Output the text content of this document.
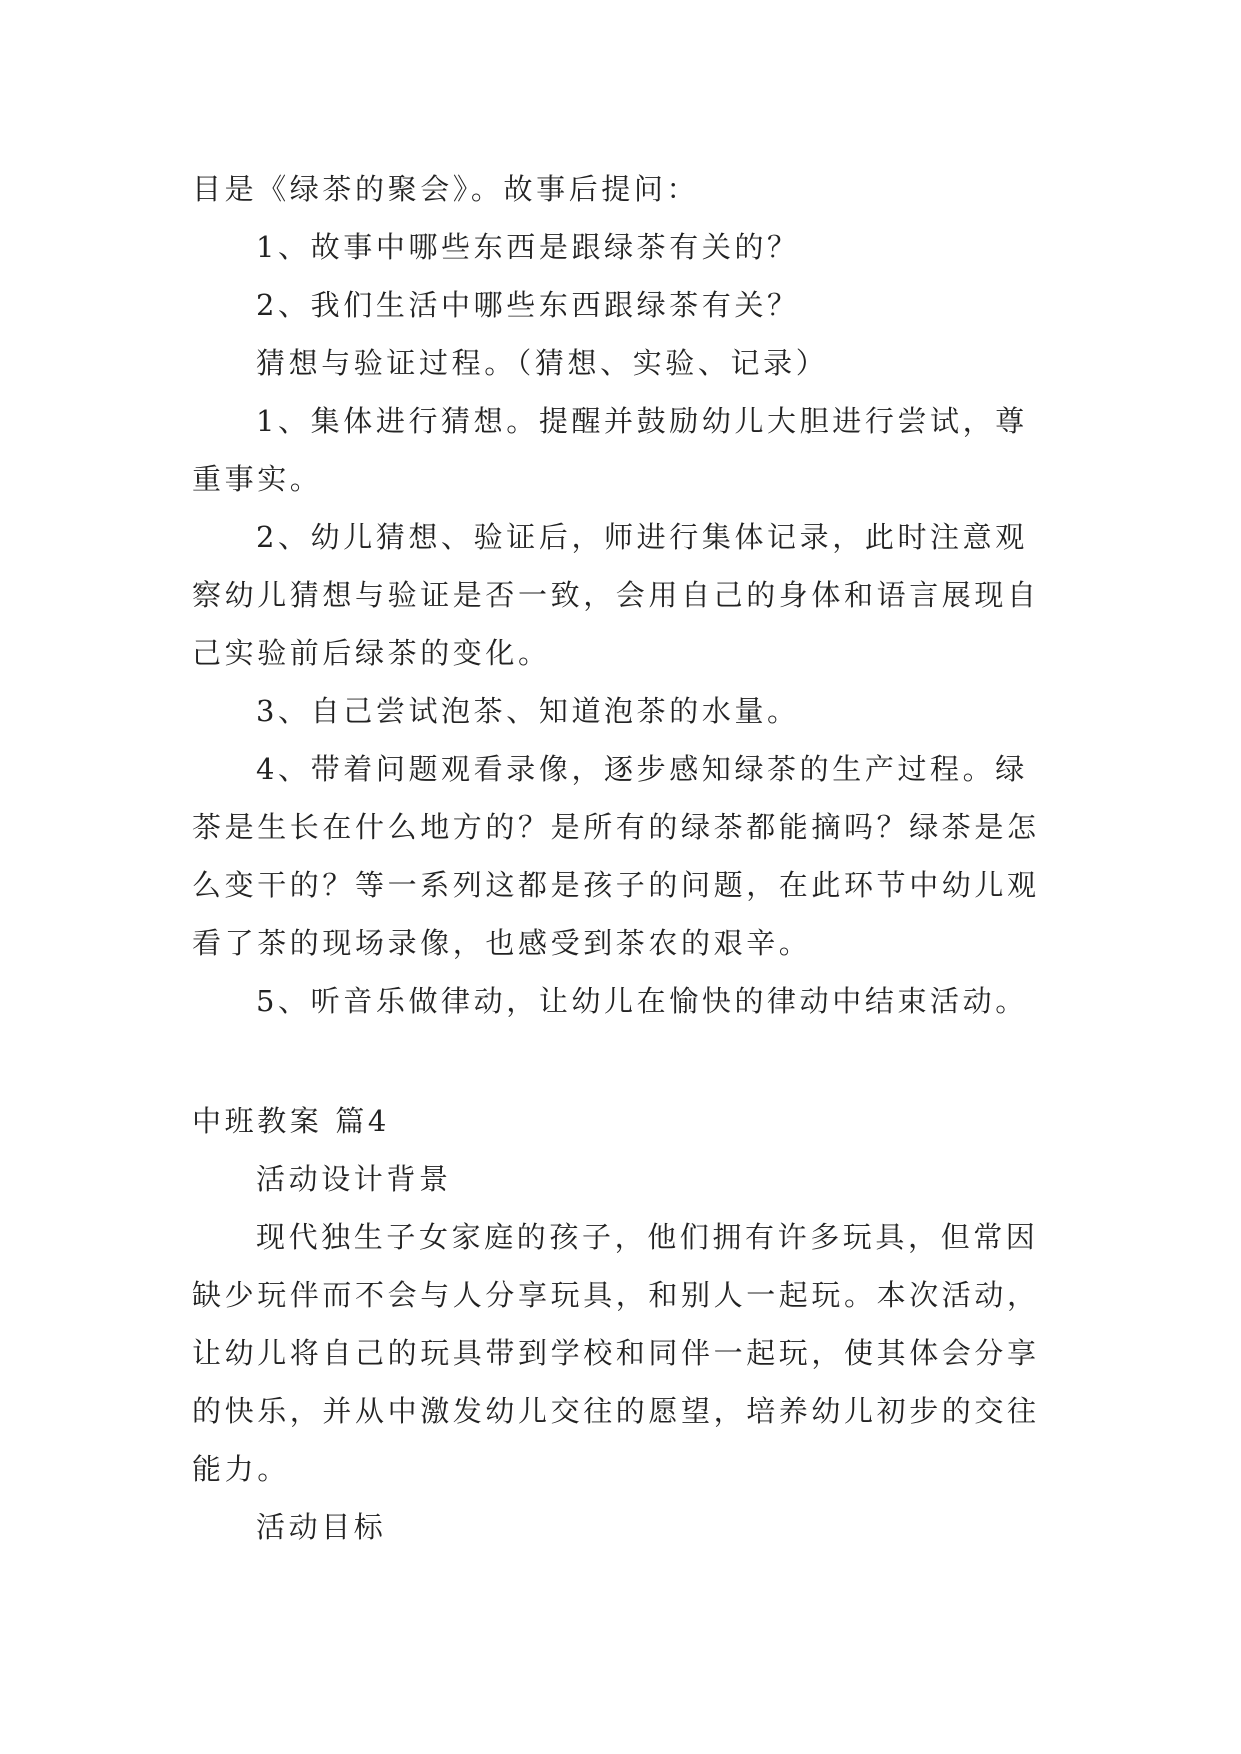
目是《绿茶的聚会》。故事后提问：

1、故事中哪些东西是跟绿茶有关的？

2、我们生活中哪些东西跟绿茶有关？

猜想与验证过程。（猜想、实验、记录）

1、集体进行猜想。提醒并鼓励幼儿大胆进行尝试，尊重事实。

2、幼儿猜想、验证后，师进行集体记录，此时注意观察幼儿猜想与验证是否一致，会用自己的身体和语言展现自己实验前后绿茶的变化。

3、自己尝试泡茶、知道泡茶的水量。

4、带着问题观看录像，逐步感知绿茶的生产过程。绿茶是生长在什么地方的？是所有的绿茶都能摘吗？绿茶是怎么变干的？等一系列这都是孩子的问题，在此环节中幼儿观看了茶的现场录像，也感受到茶农的艰辛。

5、听音乐做律动，让幼儿在愉快的律动中结束活动。

中班教案 篇4

活动设计背景

现代独生子女家庭的孩子，他们拥有许多玩具，但常因缺少玩伴而不会与人分享玩具，和别人一起玩。本次活动，让幼儿将自己的玩具带到学校和同伴一起玩，使其体会分享的快乐，并从中激发幼儿交往的愿望，培养幼儿初步的交往能力。

活动目标
